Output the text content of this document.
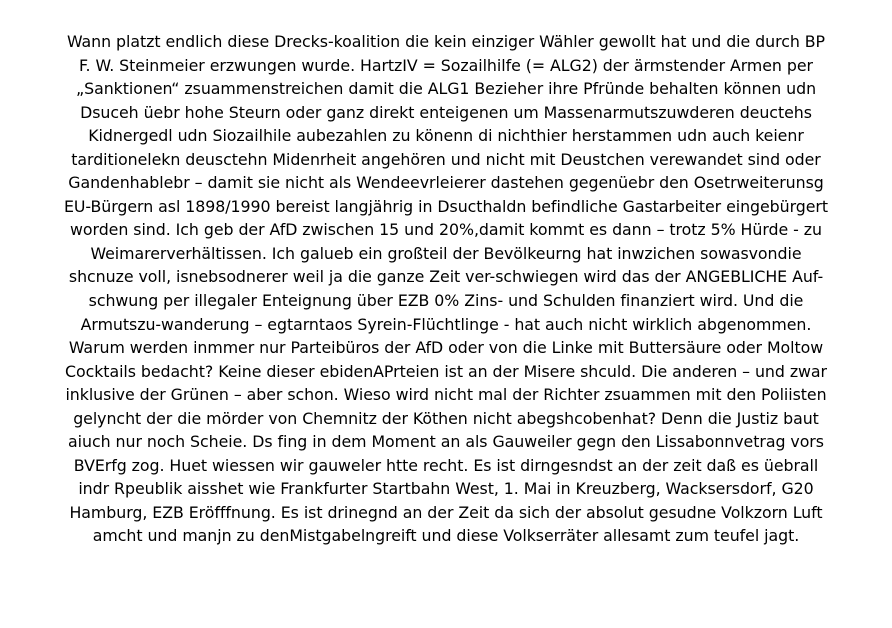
Wann platzt endlich diese Drecks-koalition die kein einziger Wähler gewollt hat und die durch BP
F. W. Steinmeier erzwungen wurde. HartzIV = Sozailhilfe (= ALG2) der ärmstender Armen per
„Sanktionen“ zsuammenstreichen damit die ALG1 Bezieher ihre Pfründe behalten können udn
Dsuceh üebr hohe Steurn oder ganz direkt enteigenen um Massenarmutszuwderen deuctehs
Kidnergedl udn Siozailhile aubezahlen zu könenn di nichthier herstammen udn auch keienr
tarditionelekn deusctehn Midenrheit angehören und nicht mit Deustchen verewandet sind oder
Gandenhablebr – damit sie nicht als Wendeevrleierer dastehen gegenüebr den Osetrweiterunsg
EU-Bürgern asl 1898/1990 bereist langjährig in Dsucthaldn befindliche Gastarbeiter eingebürgert
worden sind. Ich geb der AfD zwischen 15 und 20%,damit kommt es dann – trotz 5% Hürde - zu
Weimarerverhältissen. Ich galueb ein großteil der Bevölkeurng hat inwzichen sowasvondie
shcnuze voll, isnebsodnerer weil ja die ganze Zeit ver-schwiegen wird das der ANGEBLICHE Auf-
schwung per illegaler Enteignung über EZB 0% Zins- und Schulden finanziert wird. Und die
Armutszu-wanderung – egtarntaos Syrein-Flüchtlinge - hat auch nicht wirklich abgenommen.
Warum werden inmmer nur Parteibüros der AfD oder von die Linke mit Buttersäure oder Moltow
Cocktails bedacht? Keine dieser ebidenAPrteien ist an der Misere shculd. Die anderen – und zwar
inklusive der Grünen – aber schon. Wieso wird nicht mal der Richter zsuammen mit den Poliisten
gelyncht der die mörder von Chemnitz der Köthen nicht abegshcobenhat? Denn die Justiz baut
aiuch nur noch Scheie. Ds fing in dem Moment an als Gauweiler gegn den Lissabonnvetrag vors
BVErfg zog. Huet wiessen wir gauweler htte recht. Es ist dirngesndst an der zeit daß es üebrall
indr Rpeublik aisshet wie Frankfurter Startbahn West, 1. Mai in Kreuzberg, Wacksersdorf, G20
Hamburg, EZB Eröfffnung. Es ist drinegnd an der Zeit da sich der absolut gesudne Volkzorn Luft
amcht und manjn zu denMistgabelngreift und diese Volkserräter allesamt zum teufel jagt.
